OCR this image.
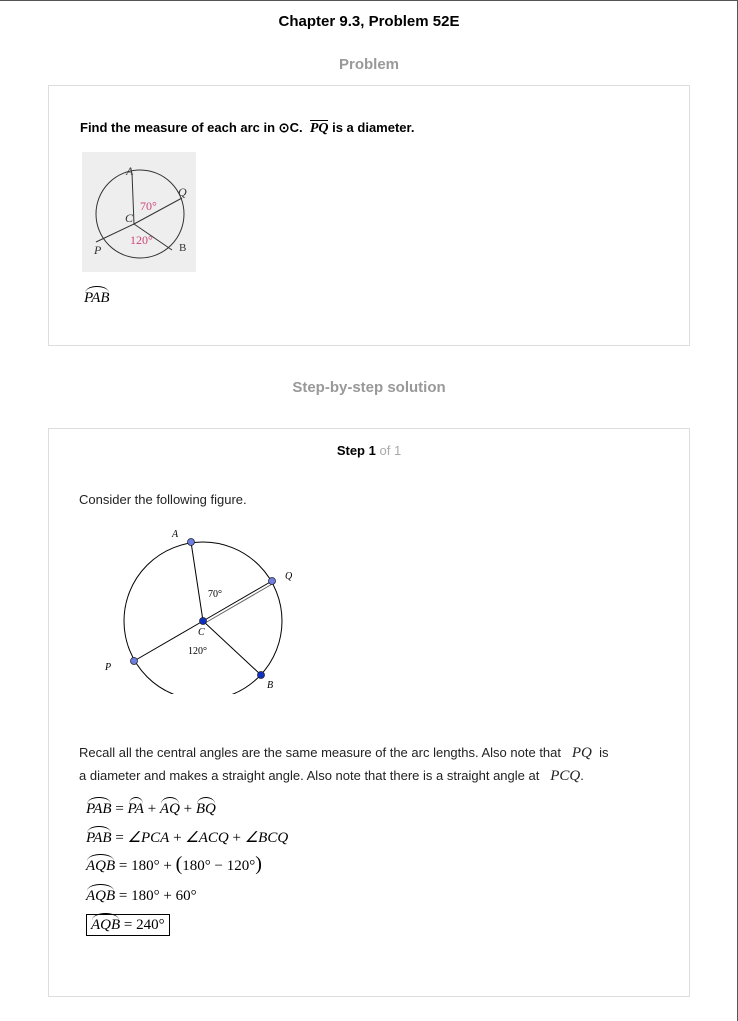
Chapter 9.3, Problem 52E
Problem
Find the measure of each arc in ⊙C. PQ is a diameter.
A
Q
C
P	B
70°
120°
PAB
Step-by-step solution
Step 1 of 1
Consider the following figure.
A
Q
C
P
B
70°
120°
Recall all the central angles are the same measure of the arc lengths. Also note that PQ is
a diameter and makes a straight angle. Also note that there is a straight angle at PCQ.
PAB = PA + AQ + BQ
PAB = ∠PCA + ∠ACQ + ∠BCQ
AQB = 180° + (180° − 120°)
AQB = 180° + 60°
AQB = 240°
